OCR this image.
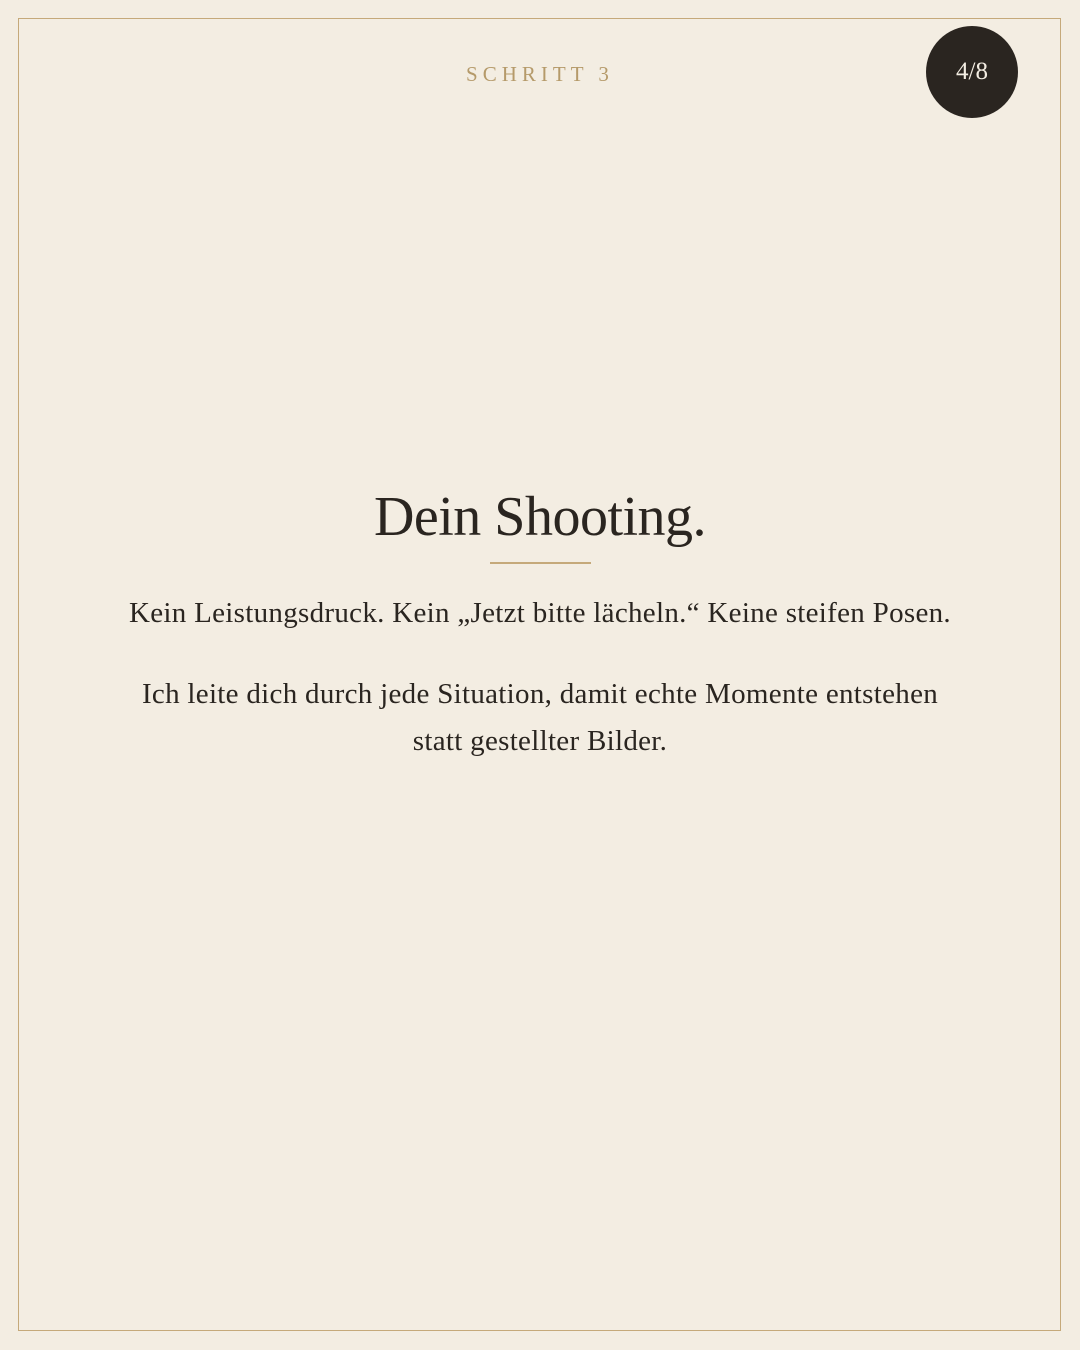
SCHRITT 3	4/8
Dein Shooting.

Kein Leistungsdruck. Kein „Jetzt bitte lächeln.“ Keine steifen Posen.

Ich leite dich durch jede Situation, damit echte Momente entstehen statt gestellter Bilder.
